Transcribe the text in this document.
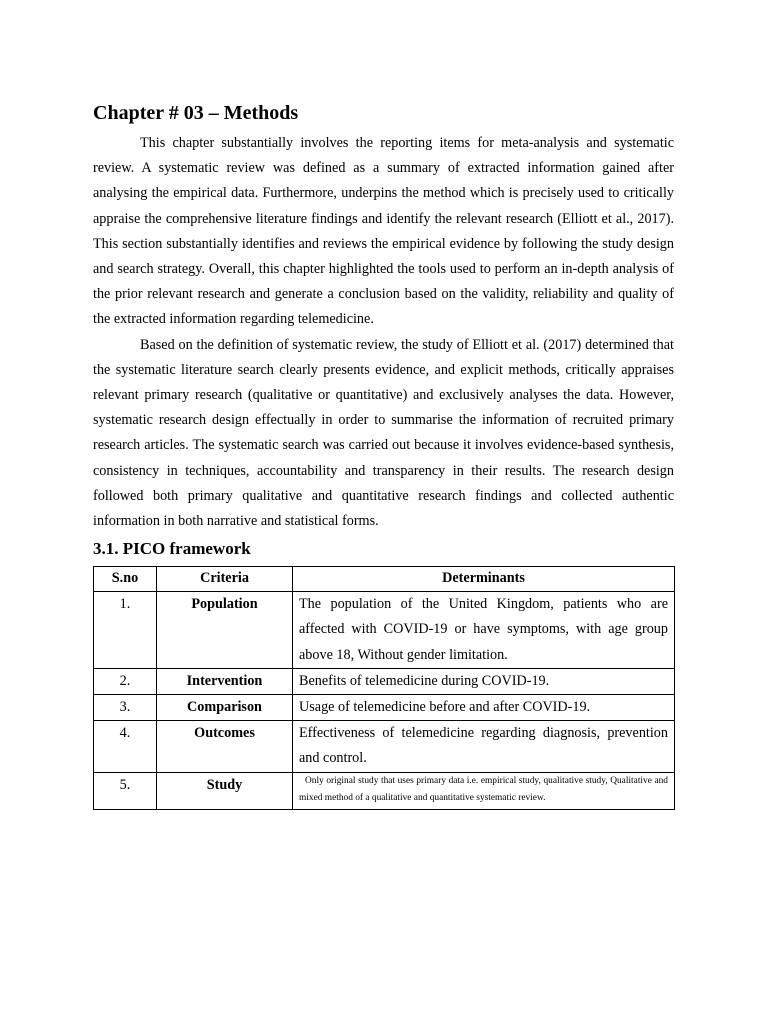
Chapter # 03 – Methods

This chapter substantially involves the reporting items for meta-analysis and systematic review. A systematic review was defined as a summary of extracted information gained after analysing the empirical data. Furthermore, underpins the method which is precisely used to critically appraise the comprehensive literature findings and identify the relevant research (Elliott et al., 2017). This section substantially identifies and reviews the empirical evidence by following the study design and search strategy. Overall, this chapter highlighted the tools used to perform an in-depth analysis of the prior relevant research and generate a conclusion based on the validity, reliability and quality of the extracted information regarding telemedicine.

Based on the definition of systematic review, the study of Elliott et al. (2017) determined that the systematic literature search clearly presents evidence, and explicit methods, critically appraises relevant primary research (qualitative or quantitative) and exclusively analyses the data. However, systematic research design effectually in order to summarise the information of recruited primary research articles. The systematic search was carried out because it involves evidence-based synthesis, consistency in techniques, accountability and transparency in their results. The research design followed both primary qualitative and quantitative research findings and collected authentic information in both narrative and statistical forms.

3.1. PICO framework
S.no	Criteria	Determinants
1.	Population	The population of the United Kingdom, patients who are affected with COVID-19 or have symptoms, with age group above 18, Without gender limitation.
2.	Intervention	Benefits of telemedicine during COVID-19.
3.	Comparison	Usage of telemedicine before and after COVID-19.
4.	Outcomes	Effectiveness of telemedicine regarding diagnosis, prevention and control.
5.	Study	Only original study that uses primary data i.e. empirical study, qualitative study, Qualitative and mixed method of a qualitative and quantitative systematic review.
